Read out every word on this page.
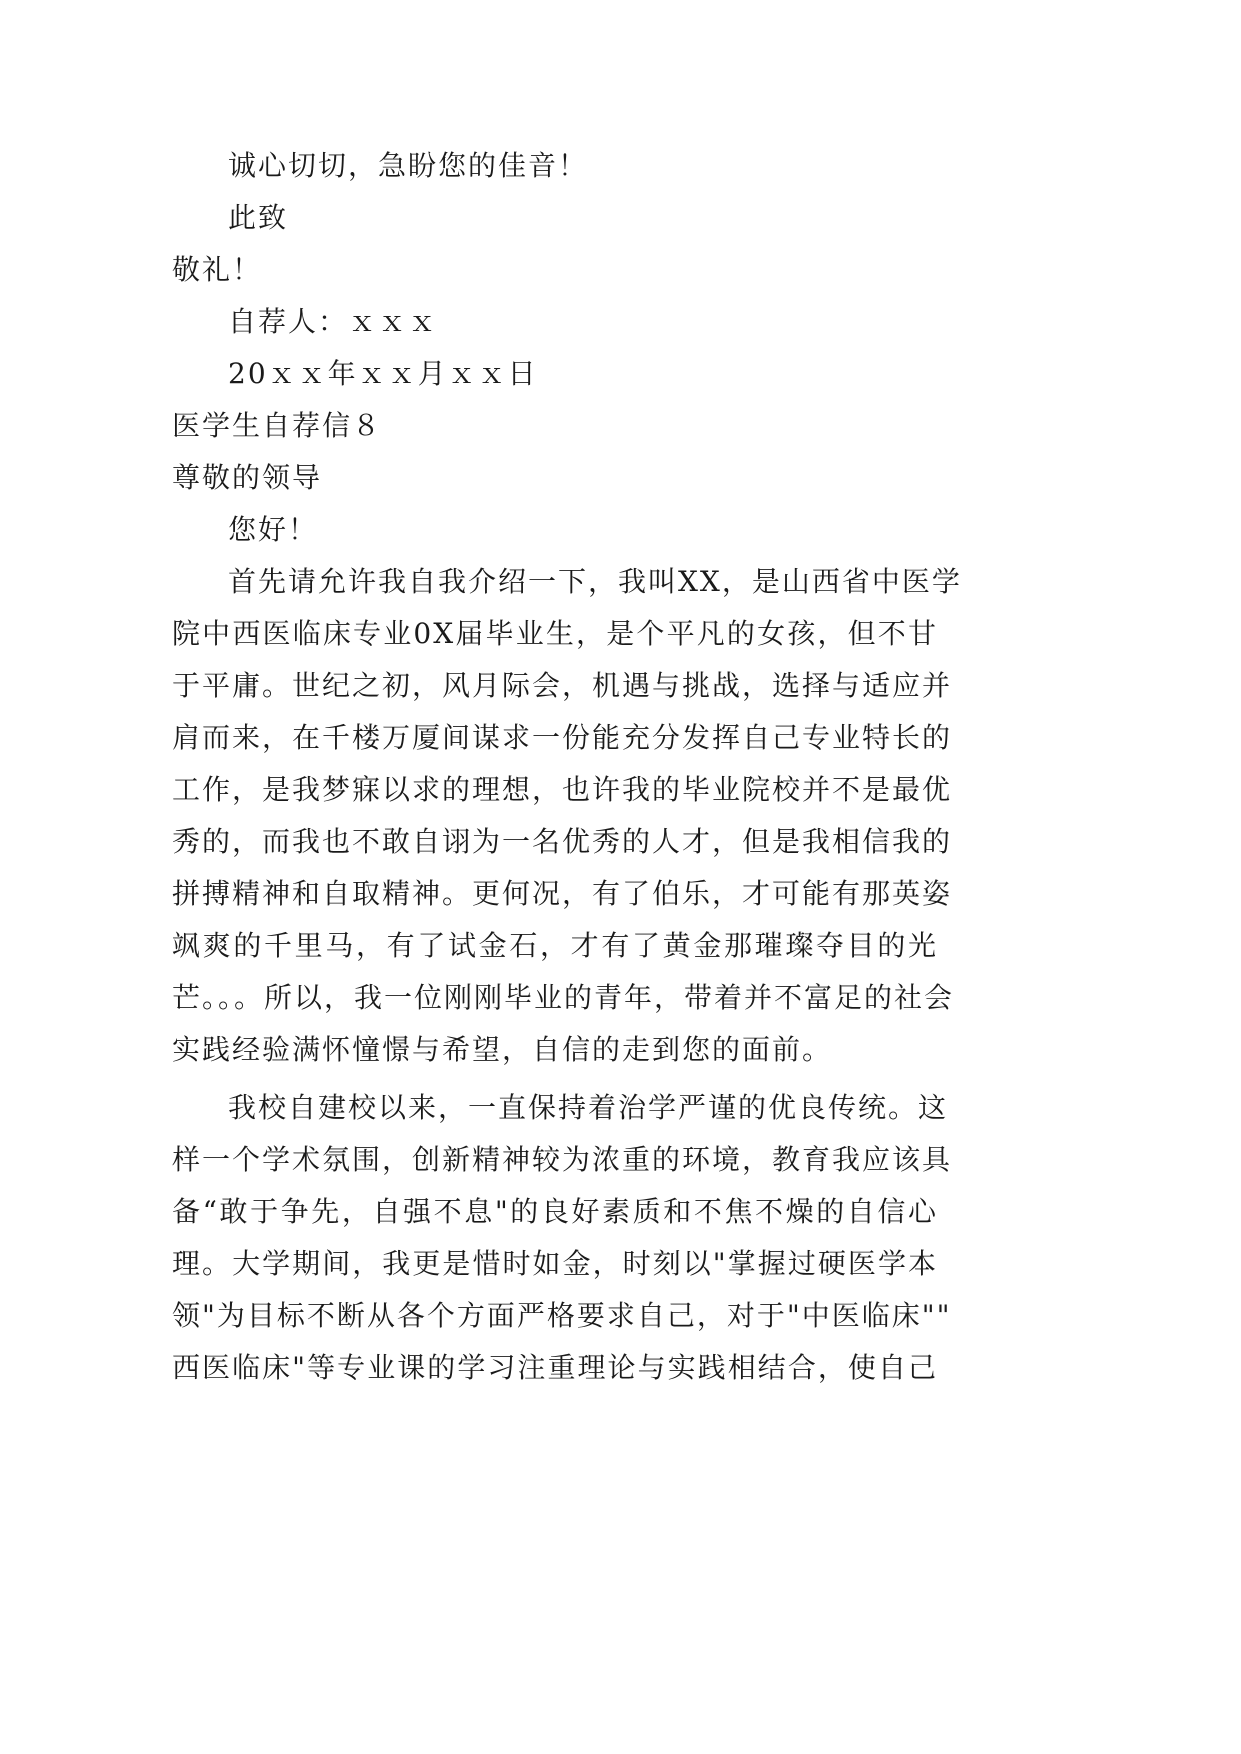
诚心切切，急盼您的佳音！
此致
敬礼！
自荐人：ｘｘｘ
20ｘｘ年ｘｘ月ｘｘ日
医学生自荐信８
尊敬的领导
您好！
首先请允许我自我介绍一下，我叫XX，是山西省中医学
院中西医临床专业0X届毕业生，是个平凡的女孩，但不甘
于平庸。世纪之初，风月际会，机遇与挑战，选择与适应并
肩而来，在千楼万厦间谋求一份能充分发挥自己专业特长的
工作，是我梦寐以求的理想，也许我的毕业院校并不是最优
秀的，而我也不敢自诩为一名优秀的人才，但是我相信我的
拼搏精神和自取精神。更何况，有了伯乐，才可能有那英姿
飒爽的千里马，有了试金石，才有了黄金那璀璨夺目的光
芒。。。所以，我一位刚刚毕业的青年，带着并不富足的社会
实践经验满怀憧憬与希望，自信的走到您的面前。
我校自建校以来，一直保持着治学严谨的优良传统。这
样一个学术氛围，创新精神较为浓重的环境，教育我应该具
备“敢于争先，自强不息"的良好素质和不焦不燥的自信心
理。大学期间，我更是惜时如金，时刻以"掌握过硬医学本
领"为目标不断从各个方面严格要求自己，对于"中医临床""
西医临床"等专业课的学习注重理论与实践相结合，使自己
